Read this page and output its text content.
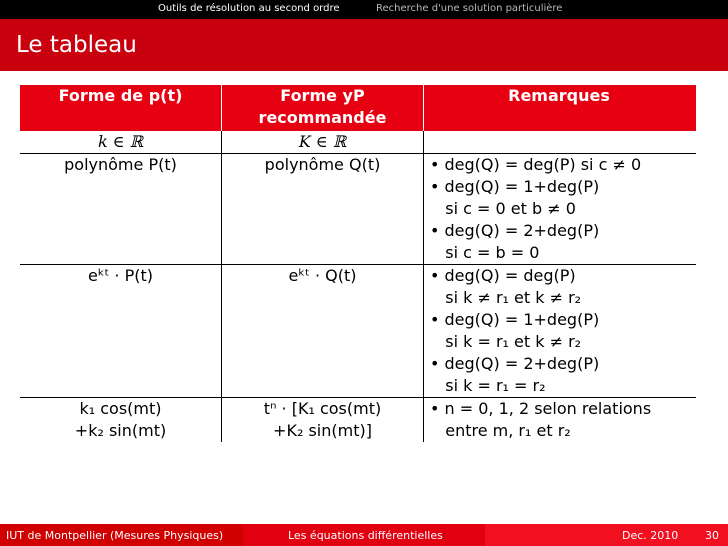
Outils de résolution au second ordre	Recherche d'une solution particulière
Le tableau
Forme de p(t)	Forme yP	Remarques
	recommandée	
k ∈ ℝ	K ∈ ℝ	
polynôme P(t)	polynôme Q(t)	• deg(Q) = deg(P) si c ≠ 0
		• deg(Q) = 1+deg(P)
		si c = 0 et b ≠ 0
		• deg(Q) = 2+deg(P)
		si c = b = 0
eᵏᵗ · P(t)	eᵏᵗ · Q(t)	• deg(Q) = deg(P)
		si k ≠ r₁ et k ≠ r₂
		• deg(Q) = 1+deg(P)
		si k = r₁ et k ≠ r₂
		• deg(Q) = 2+deg(P)
		si k = r₁ = r₂
k₁ cos(mt)	tⁿ · [K₁ cos(mt)	• n = 0, 1, 2 selon relations
+k₂ sin(mt)	+K₂ sin(mt)]	entre m, r₁ et r₂
IUT de Montpellier (Mesures Physiques)	Les équations différentielles	Dec. 2010 30
